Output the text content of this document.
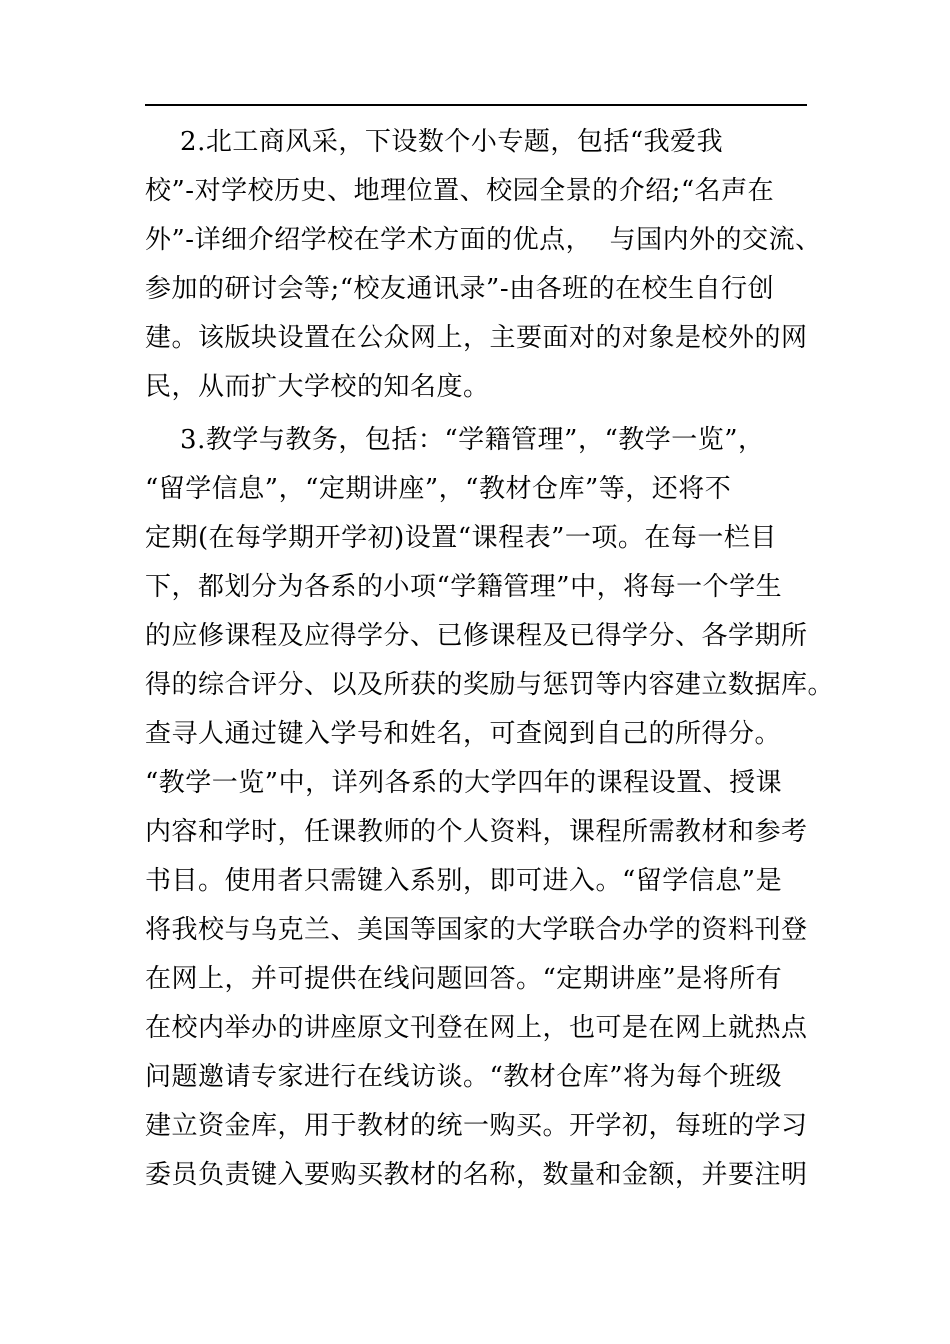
2.北工商风采，下设数个小专题，包括“我爱我
校”-对学校历史、地理位置、校园全景的介绍;“名声在
外”-详细介绍学校在学术方面的优点，  与国内外的交流、
参加的研讨会等;“校友通讯录”-由各班的在校生自行创
建。该版块设置在公众网上，主要面对的对象是校外的网
民，从而扩大学校的知名度。
3.教学与教务，包括：“学籍管理”，“教学一览”，
“留学信息”，“定期讲座”，“教材仓库”等，还将不
定期(在每学期开学初)设置“课程表”一项。在每一栏目
下，都划分为各系的小项“学籍管理”中，将每一个学生
的应修课程及应得学分、已修课程及已得学分、各学期所
得的综合评分、以及所获的奖励与惩罚等内容建立数据库。
查寻人通过键入学号和姓名，可查阅到自己的所得分。
“教学一览”中，详列各系的大学四年的课程设置、授课
内容和学时，任课教师的个人资料，课程所需教材和参考
书目。使用者只需键入系别，即可进入。“留学信息”是
将我校与乌克兰、美国等国家的大学联合办学的资料刊登
在网上，并可提供在线问题回答。“定期讲座”是将所有
在校内举办的讲座原文刊登在网上，也可是在网上就热点
问题邀请专家进行在线访谈。“教材仓库”将为每个班级
建立资金库，用于教材的统一购买。开学初，每班的学习
委员负责键入要购买教材的名称，数量和金额，并要注明
